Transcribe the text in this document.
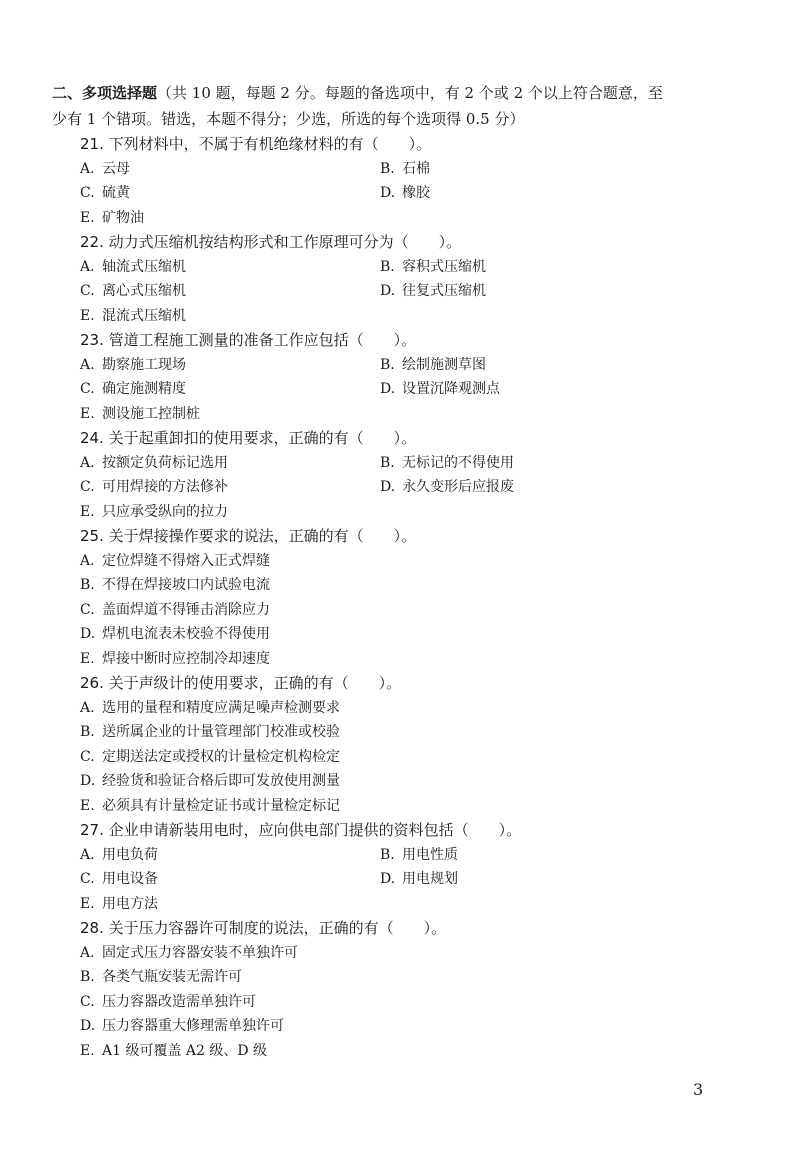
二、多项选择题（共 10 题，每题 2 分。每题的备选项中，有 2 个或 2 个以上符合题意，至
少有 1 个错项。错选，本题不得分；少选，所选的每个选项得 0.5 分）
21. 下列材料中，不属于有机绝缘材料的有（　　）。
A. 云母	B. 石棉
C. 硫黄	D. 橡胶
E. 矿物油
22. 动力式压缩机按结构形式和工作原理可分为（　　）。
A. 轴流式压缩机	B. 容积式压缩机
C. 离心式压缩机	D. 往复式压缩机
E. 混流式压缩机
23. 管道工程施工测量的准备工作应包括（　　）。
A. 勘察施工现场	B. 绘制施测草图
C. 确定施测精度	D. 设置沉降观测点
E. 测设施工控制桩
24. 关于起重卸扣的使用要求，正确的有（　　）。
A. 按额定负荷标记选用	B. 无标记的不得使用
C. 可用焊接的方法修补	D. 永久变形后应报废
E. 只应承受纵向的拉力
25. 关于焊接操作要求的说法，正确的有（　　）。
A. 定位焊缝不得熔入正式焊缝
B. 不得在焊接坡口内试验电流
C. 盖面焊道不得锤击消除应力
D. 焊机电流表未校验不得使用
E. 焊接中断时应控制冷却速度
26. 关于声级计的使用要求，正确的有（　　）。
A. 选用的量程和精度应满足噪声检测要求
B. 送所属企业的计量管理部门校准或校验
C. 定期送法定或授权的计量检定机构检定
D. 经验货和验证合格后即可发放使用测量
E. 必须具有计量检定证书或计量检定标记
27. 企业申请新装用电时，应向供电部门提供的资料包括（　　）。
A. 用电负荷	B. 用电性质
C. 用电设备	D. 用电规划
E. 用电方法
28. 关于压力容器许可制度的说法，正确的有（　　）。
A. 固定式压力容器安装不单独许可
B. 各类气瓶安装无需许可
C. 压力容器改造需单独许可
D. 压力容器重大修理需单独许可
E. A1 级可覆盖 A2 级、D 级
3
